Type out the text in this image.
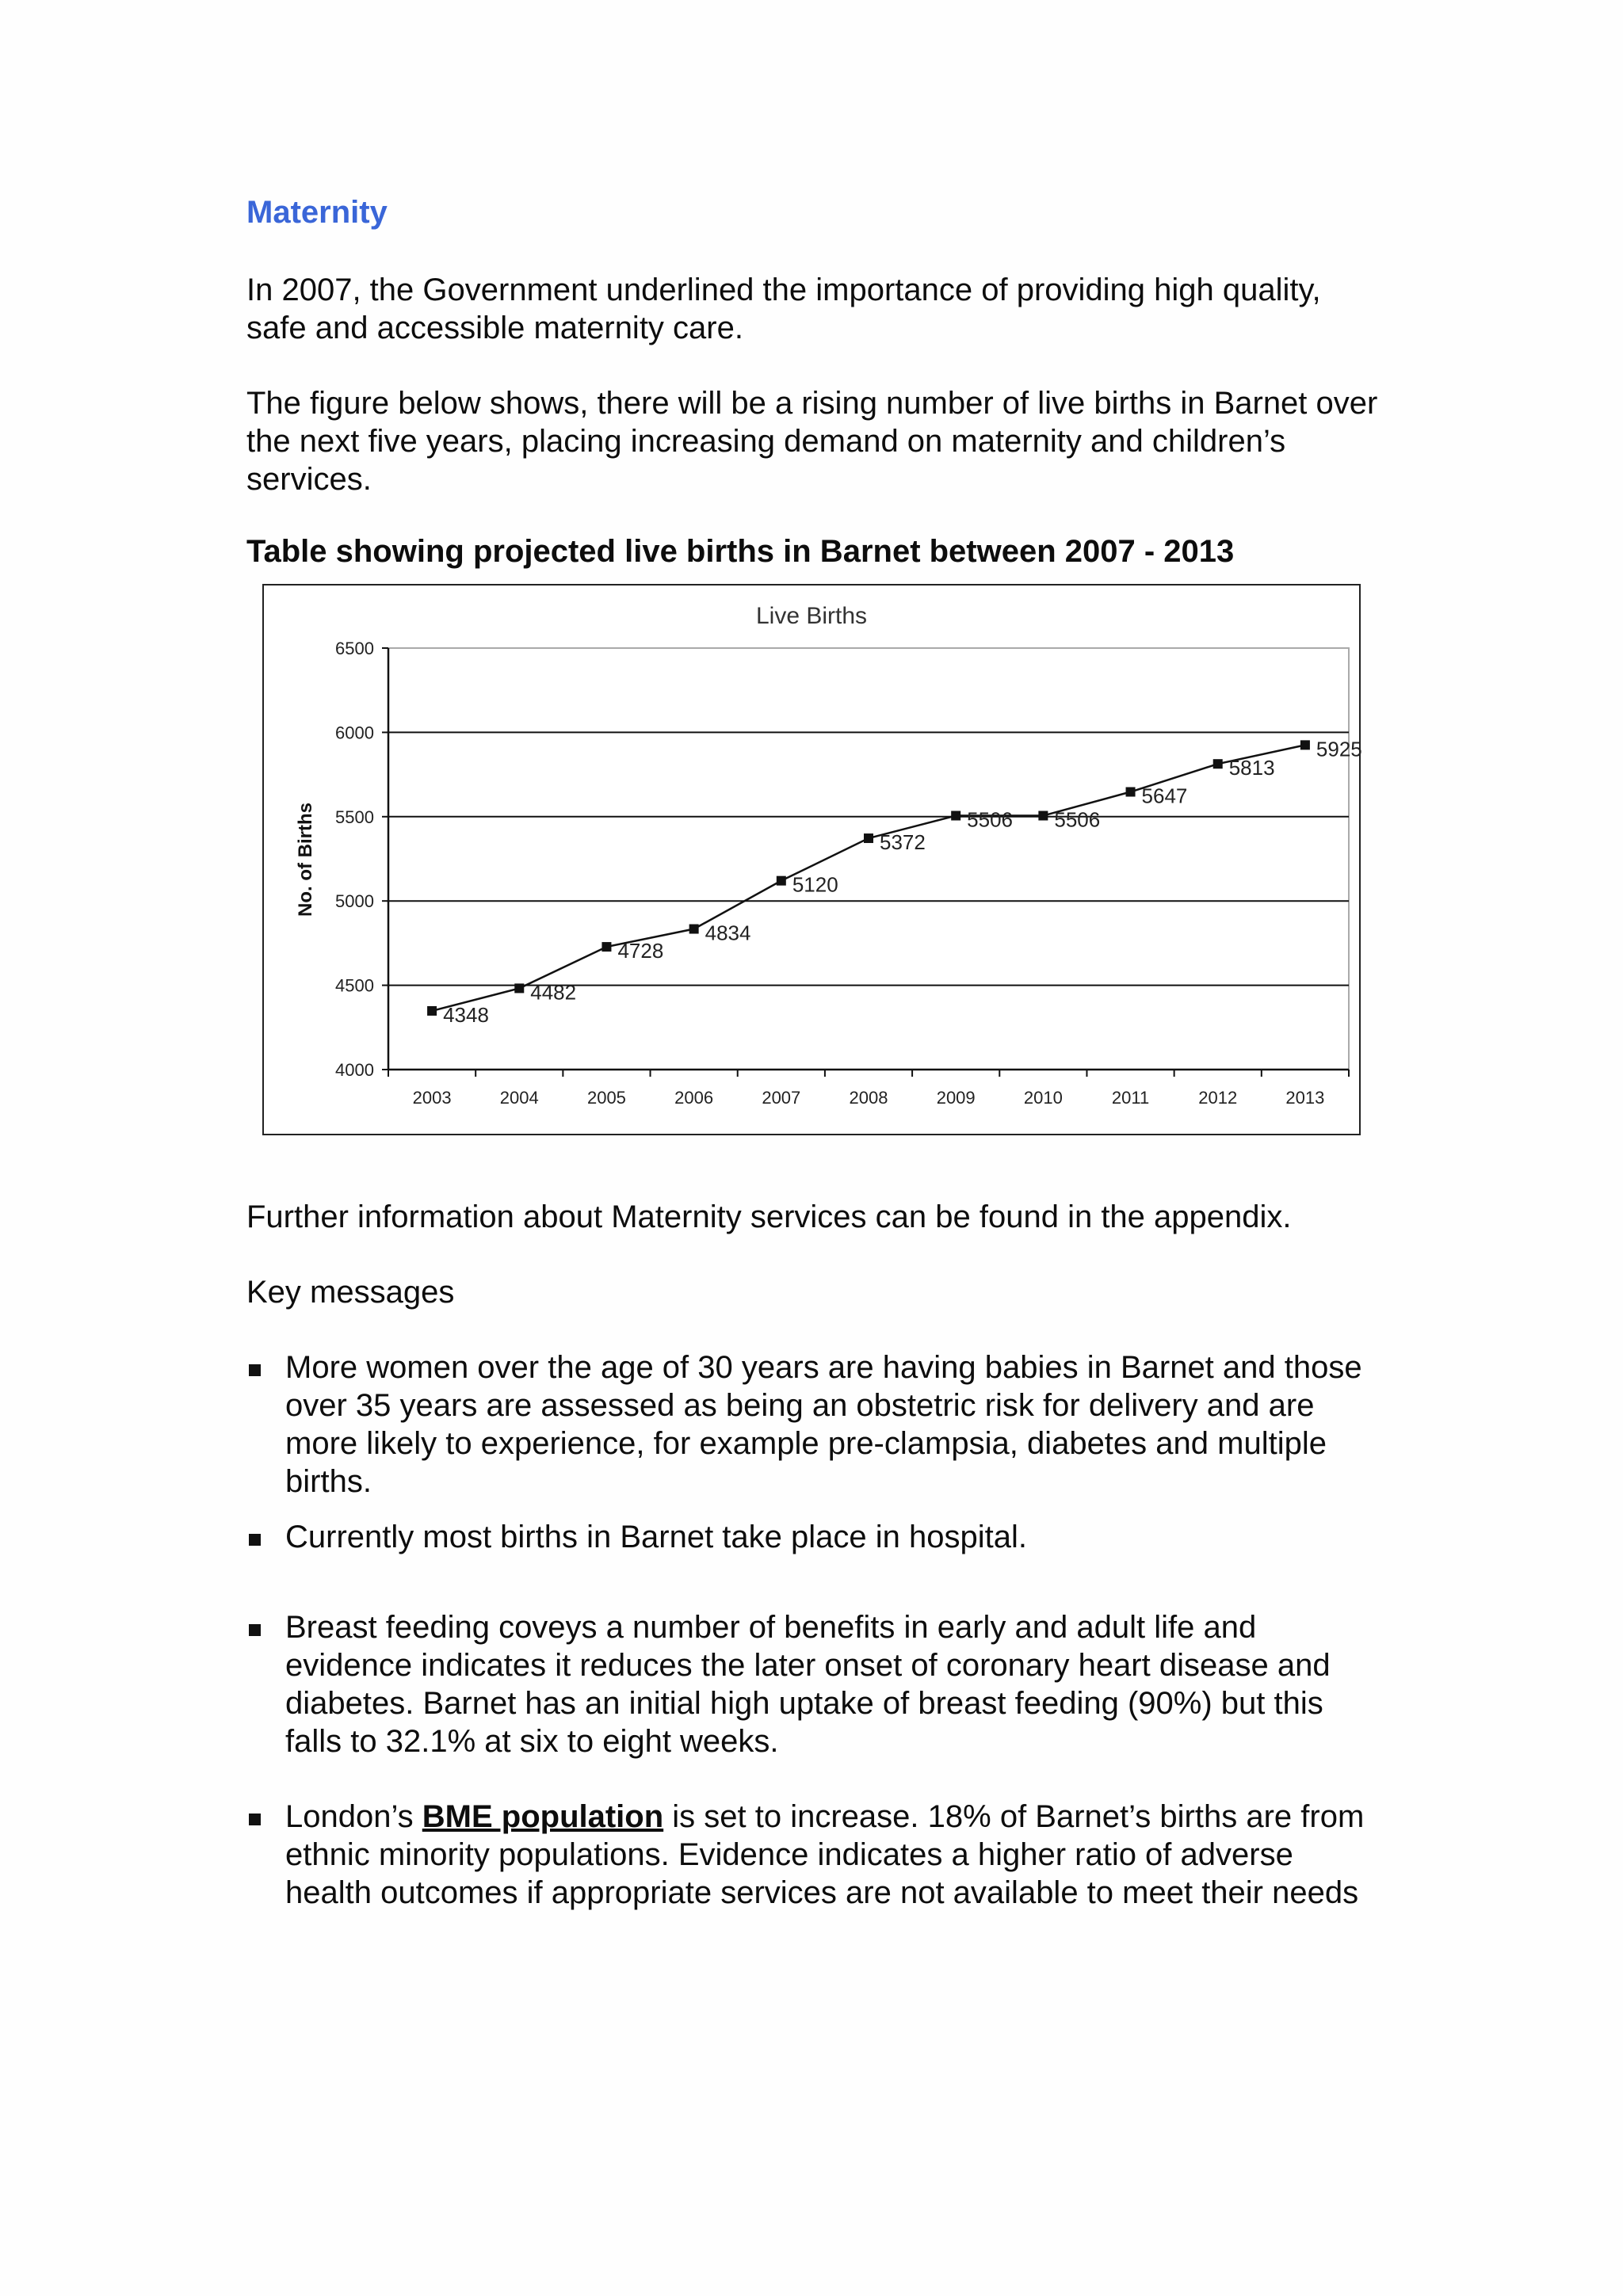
Maternity

In 2007, the Government underlined the importance of providing high quality, safe and accessible maternity care.

The figure below shows, there will be a rising number of live births in Barnet over the next five years, placing increasing demand on maternity and children’s services.

Table showing projected live births in Barnet between 2007 - 2013

Live Births
No. of Births
4000
4500
5000
5500
6000
6500
2003	2004	2005	2006	2007	2008	2009	2010	2011	2012	2013
4348
4482
4728
4834
5120
5372
5506 5506
5647
5813
5925

Further information about Maternity services can be found in the appendix.

Key messages

More women over the age of 30 years are having babies in Barnet and those over 35 years are assessed as being an obstetric risk for delivery and are more likely to experience, for example pre-clampsia, diabetes and multiple births.
Currently most births in Barnet take place in hospital.
Breast feeding coveys a number of benefits in early and adult life and evidence indicates it reduces the later onset of coronary heart disease and diabetes. Barnet has an initial high uptake of breast feeding (90%) but this falls to 32.1% at six to eight weeks.
London’s BME population is set to increase. 18% of Barnet’s births are from ethnic minority populations. Evidence indicates a higher ratio of adverse health outcomes if appropriate services are not available to meet their needs
